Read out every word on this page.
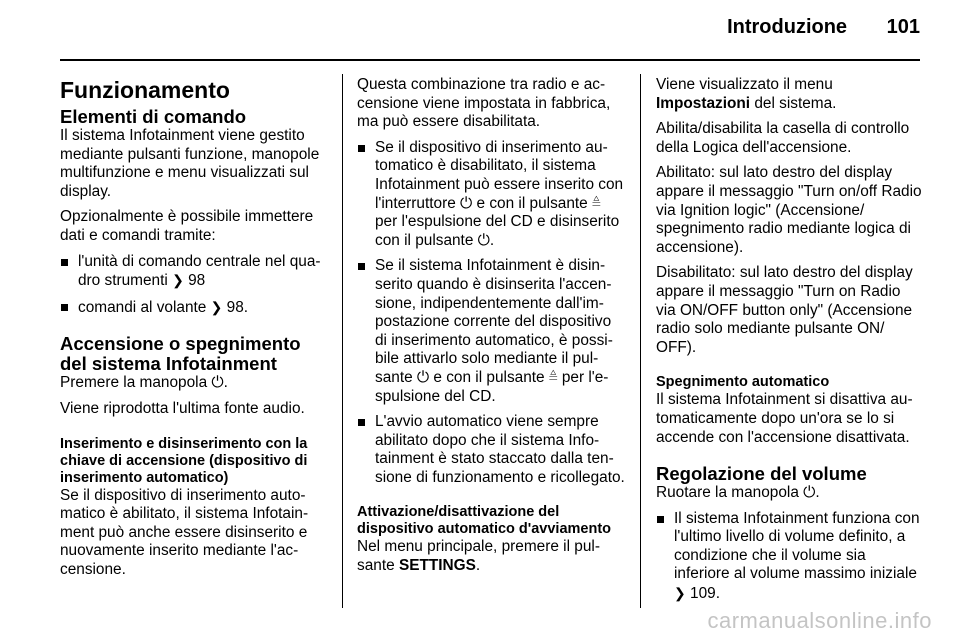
Introduzione 101
Funzionamento
Elementi di comando

Il sistema Infotainment viene gestito mediante pulsanti funzione, manopole multifunzione e menu visualizzati sul display.

Opzionalmente è possibile immettere dati e comandi tramite:

l'unità di comando centrale nel quadro strumenti ❯ 98
comandi al volante ❯ 98.
Accensione o spegnimento del sistema Infotainment

Premere la manopola ⏻.

Viene riprodotta l'ultima fonte audio.

Inserimento e disinserimento con la chiave di accensione (dispositivo di inserimento automatico)

Se il dispositivo di inserimento automatico è abilitato, il sistema Infotainment può anche essere disinserito e nuovamente inserito mediante l'accensione.

Questa combinazione tra radio e accensione viene impostata in fabbrica, ma può essere disabilitata.

Se il dispositivo di inserimento automatico è disabilitato, il sistema Infotainment può essere inserito con l'interruttore ⏻ e con il pulsante ≜ per l'espulsione del CD e disinserito con il pulsante ⏻.
Se il sistema Infotainment è disinserito quando è disinserita l'accensione, indipendentemente dall'impostazione corrente del dispositivo di inserimento automatico, è possibile attivarlo solo mediante il pulsante ⏻ e con il pulsante ≜ per l'espulsione del CD.
L'avvio automatico viene sempre abilitato dopo che il sistema Infotainment è stato staccato dalla tensione di funzionamento e ricollegato.
Attivazione/disattivazione del dispositivo automatico d'avviamento

Nel menu principale, premere il pulsante SETTINGS.

Viene visualizzato il menu
Impostazioni del sistema.

Abilita/disabilita la casella di controllo della Logica dell'accensione.

Abilitato: sul lato destro del display appare il messaggio "Turn on/off Radio via Ignition logic" (Accensione/ spegnimento radio mediante logica di accensione).

Disabilitato: sul lato destro del display appare il messaggio "Turn on Radio via ON/OFF button only" (Accensione radio solo mediante pulsante ON/ OFF).

Spegnimento automatico

Il sistema Infotainment si disattiva automaticamente dopo un'ora se lo si accende con l'accensione disattivata.

Regolazione del volume

Ruotare la manopola ⏻.

Il sistema Infotainment funziona con l'ultimo livello di volume definito, a condizione che il volume sia inferiore al volume massimo iniziale ❯ 109.
carmanualsonline.info
